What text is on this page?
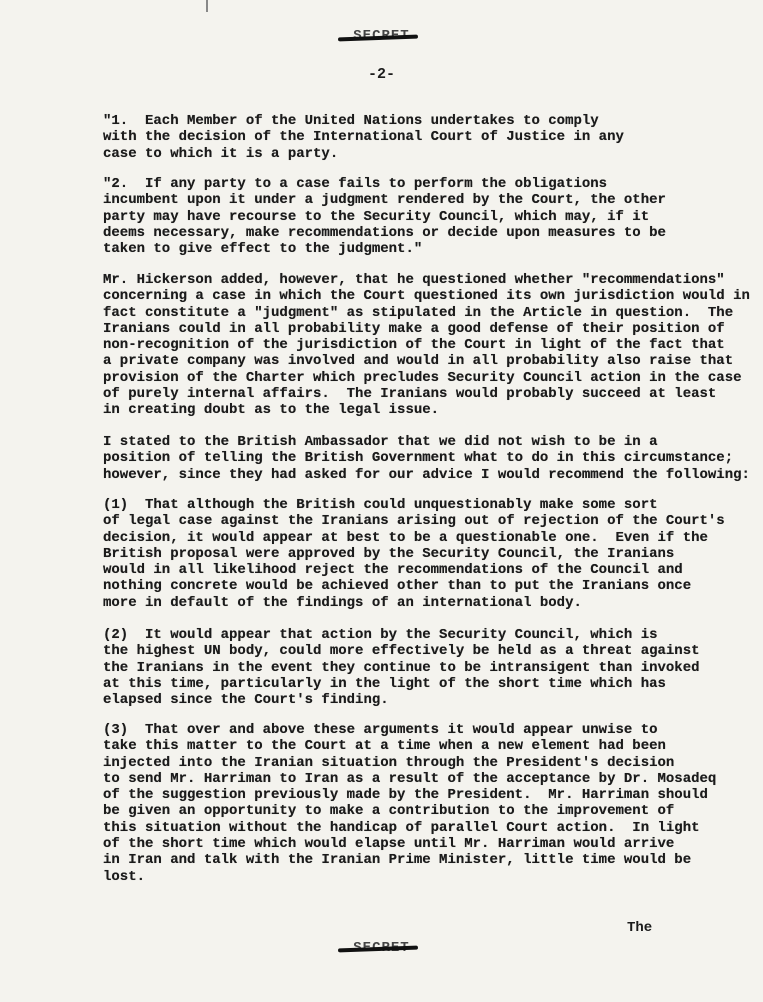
-2-

"1.  Each Member of the United Nations undertakes to comply
with the decision of the International Court of Justice in any
case to which it is a party.

"2.  If any party to a case fails to perform the obligations
incumbent upon it under a judgment rendered by the Court, the other
party may have recourse to the Security Council, which may, if it
deems necessary, make recommendations or decide upon measures to be
taken to give effect to the judgment."

Mr. Hickerson added, however, that he questioned whether "recommendations"
concerning a case in which the Court questioned its own jurisdiction would in
fact constitute a "judgment" as stipulated in the Article in question.  The
Iranians could in all probability make a good defense of their position of
non-recognition of the jurisdiction of the Court in light of the fact that
a private company was involved and would in all probability also raise that
provision of the Charter which precludes Security Council action in the case
of purely internal affairs.  The Iranians would probably succeed at least
in creating doubt as to the legal issue.

I stated to the British Ambassador that we did not wish to be in a
position of telling the British Government what to do in this circumstance;
however, since they had asked for our advice I would recommend the following:

(1)  That although the British could unquestionably make some sort
of legal case against the Iranians arising out of rejection of the Court's
decision, it would appear at best to be a questionable one.  Even if the
British proposal were approved by the Security Council, the Iranians
would in all likelihood reject the recommendations of the Council and
nothing concrete would be achieved other than to put the Iranians once
more in default of the findings of an international body.

(2)  It would appear that action by the Security Council, which is
the highest UN body, could more effectively be held as a threat against
the Iranians in the event they continue to be intransigent than invoked
at this time, particularly in the light of the short time which has
elapsed since the Court's finding.

(3)  That over and above these arguments it would appear unwise to
take this matter to the Court at a time when a new element had been
injected into the Iranian situation through the President's decision
to send Mr. Harriman to Iran as a result of the acceptance by Dr. Mosadeq
of the suggestion previously made by the President.  Mr. Harriman should
be given an opportunity to make a contribution to the improvement of
this situation without the handicap of parallel Court action.  In light
of the short time which would elapse until Mr. Harriman would arrive
in Iran and talk with the Iranian Prime Minister, little time would be
lost.

The
